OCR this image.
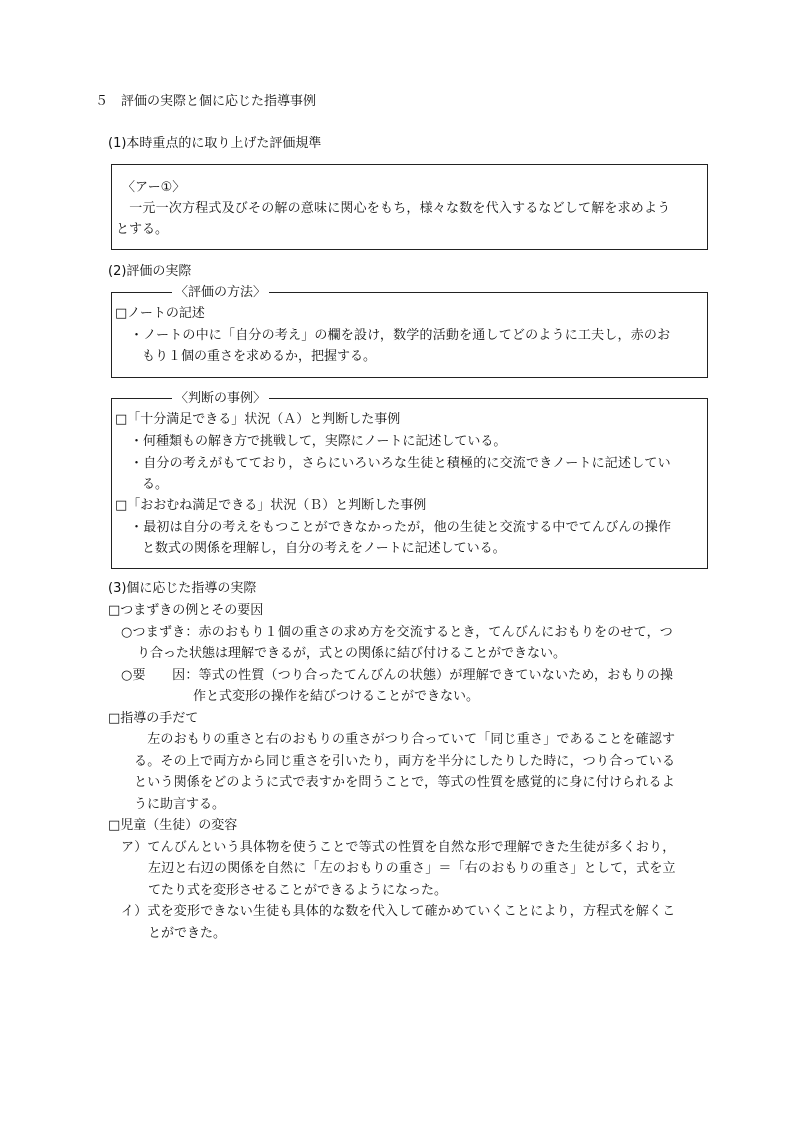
５　評価の実際と個に応じた指導事例
(1)本時重点的に取り上げた評価規準
〈アー①〉
　一元一次方程式及びその解の意味に関心をもち，様々な数を代入するなどして解を求めよう
とする。
(2)評価の実際
〈評価の方法〉
□ノートの記述
・ノートの中に「自分の考え」の欄を設け，数学的活動を通してどのように工夫し，赤のお
もり１個の重さを求めるか，把握する。
〈判断の事例〉
□「十分満足できる」状況（Ａ）と判断した事例
・何種類もの解き方で挑戦して，実際にノートに記述している。
・自分の考えがもてており，さらにいろいろな生徒と積極的に交流できノートに記述してい
る。
□「おおむね満足できる」状況（Ｂ）と判断した事例
・最初は自分の考えをもつことができなかったが，他の生徒と交流する中でてんびんの操作
と数式の関係を理解し，自分の考えをノートに記述している。
(3)個に応じた指導の実際
□つまずきの例とその要因
○つまずき：赤のおもり１個の重さの求め方を交流するとき，てんびんにおもりをのせて，つ
り合った状態は理解できるが，式との関係に結び付けることができない。
○要　　因：等式の性質（つり合ったてんびんの状態）が理解できていないため，おもりの操
作と式変形の操作を結びつけることができない。
□指導の手だて
　左のおもりの重さと右のおもりの重さがつり合っていて「同じ重さ」であることを確認す
る。その上で両方から同じ重さを引いたり，両方を半分にしたりした時に，つり合っている
という関係をどのように式で表すかを問うことで，等式の性質を感覚的に身に付けられるよ
うに助言する。
□児童（生徒）の変容
ア）てんびんという具体物を使うことで等式の性質を自然な形で理解できた生徒が多くおり，
左辺と右辺の関係を自然に「左のおもりの重さ」＝「右のおもりの重さ」として，式を立
てたり式を変形させることができるようになった。
イ）式を変形できない生徒も具体的な数を代入して確かめていくことにより，方程式を解くこ
とができた。
